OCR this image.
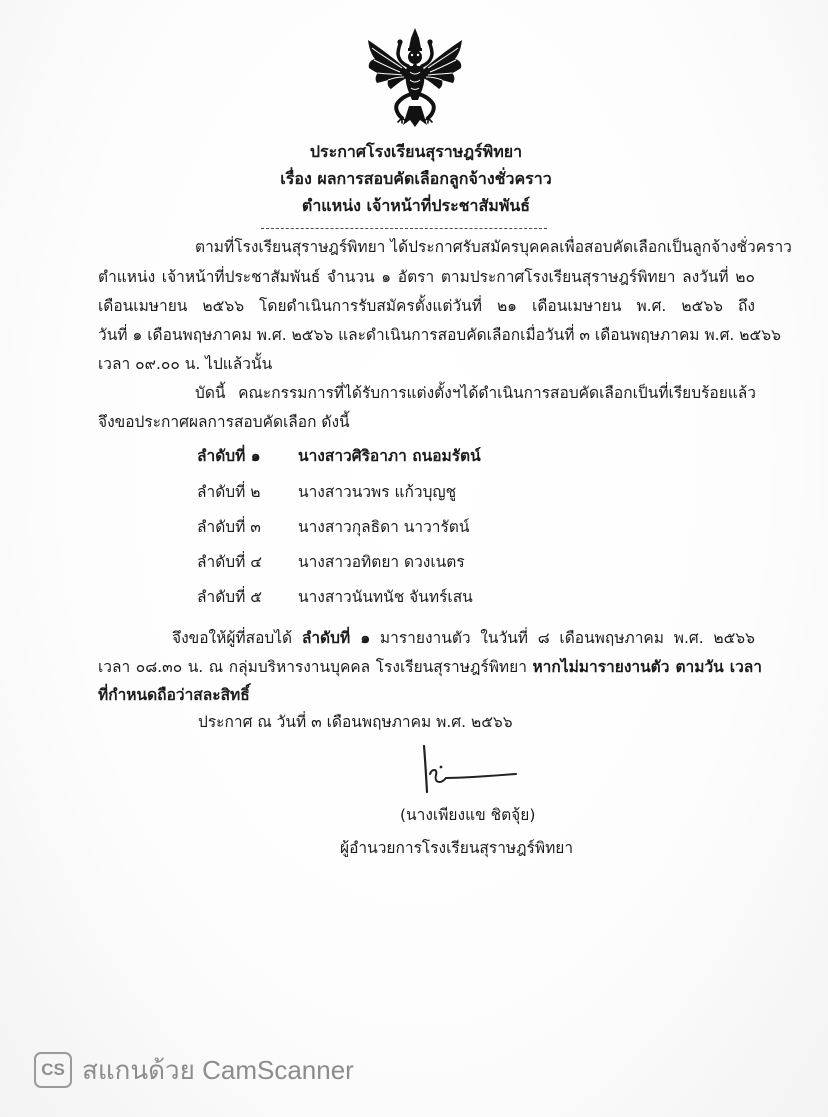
ประกาศโรงเรียนสุราษฎร์พิทยา
เรื่อง ผลการสอบคัดเลือกลูกจ้างชั่วคราว
ตำแหน่ง เจ้าหน้าที่ประชาสัมพันธ์
ตามที่โรงเรียนสุราษฎร์พิทยา ได้ประกาศรับสมัครบุคคลเพื่อสอบคัดเลือกเป็นลูกจ้างชั่วคราว
ตำแหน่ง เจ้าหน้าที่ประชาสัมพันธ์ จำนวน ๑ อัตรา ตามประกาศโรงเรียนสุราษฎร์พิทยา ลงวันที่ ๒๐
เดือนเมษายน ๒๕๖๖ โดยดำเนินการรับสมัครตั้งแต่วันที่ ๒๑ เดือนเมษายน พ.ศ. ๒๕๖๖ ถึง
วันที่ ๑ เดือนพฤษภาคม พ.ศ. ๒๕๖๖ และดำเนินการสอบคัดเลือกเมื่อวันที่ ๓ เดือนพฤษภาคม พ.ศ. ๒๕๖๖
เวลา ๐๙.๐๐ น. ไปแล้วนั้น
บัดนี้ คณะกรรมการที่ได้รับการแต่งตั้งฯได้ดำเนินการสอบคัดเลือกเป็นที่เรียบร้อยแล้ว
จึงขอประกาศผลการสอบคัดเลือก ดังนี้
ลำดับที่ ๑ นางสาวศิริอาภา ถนอมรัตน์
ลำดับที่ ๒ นางสาวนวพร แก้วบุญชู
ลำดับที่ ๓ นางสาวกุลธิดา นาวารัตน์
ลำดับที่ ๔ นางสาวอทิตยา ดวงเนตร
ลำดับที่ ๕ นางสาวนันทนัช จันทร์เสน
จึงขอให้ผู้ที่สอบได้ ลำดับที่ ๑ มารายงานตัว ในวันที่ ๘ เดือนพฤษภาคม พ.ศ. ๒๕๖๖
เวลา ๐๘.๓๐ น. ณ กลุ่มบริหารงานบุคคล โรงเรียนสุราษฎร์พิทยา หากไม่มารายงานตัว ตามวัน เวลา
ที่กำหนดถือว่าสละสิทธิ์
ประกาศ ณ วันที่ ๓ เดือนพฤษภาคม พ.ศ. ๒๕๖๖
(นางเพียงแข ชิตจุ้ย)
ผู้อำนวยการโรงเรียนสุราษฎร์พิทยา
CS สแกนด้วย CamScanner
